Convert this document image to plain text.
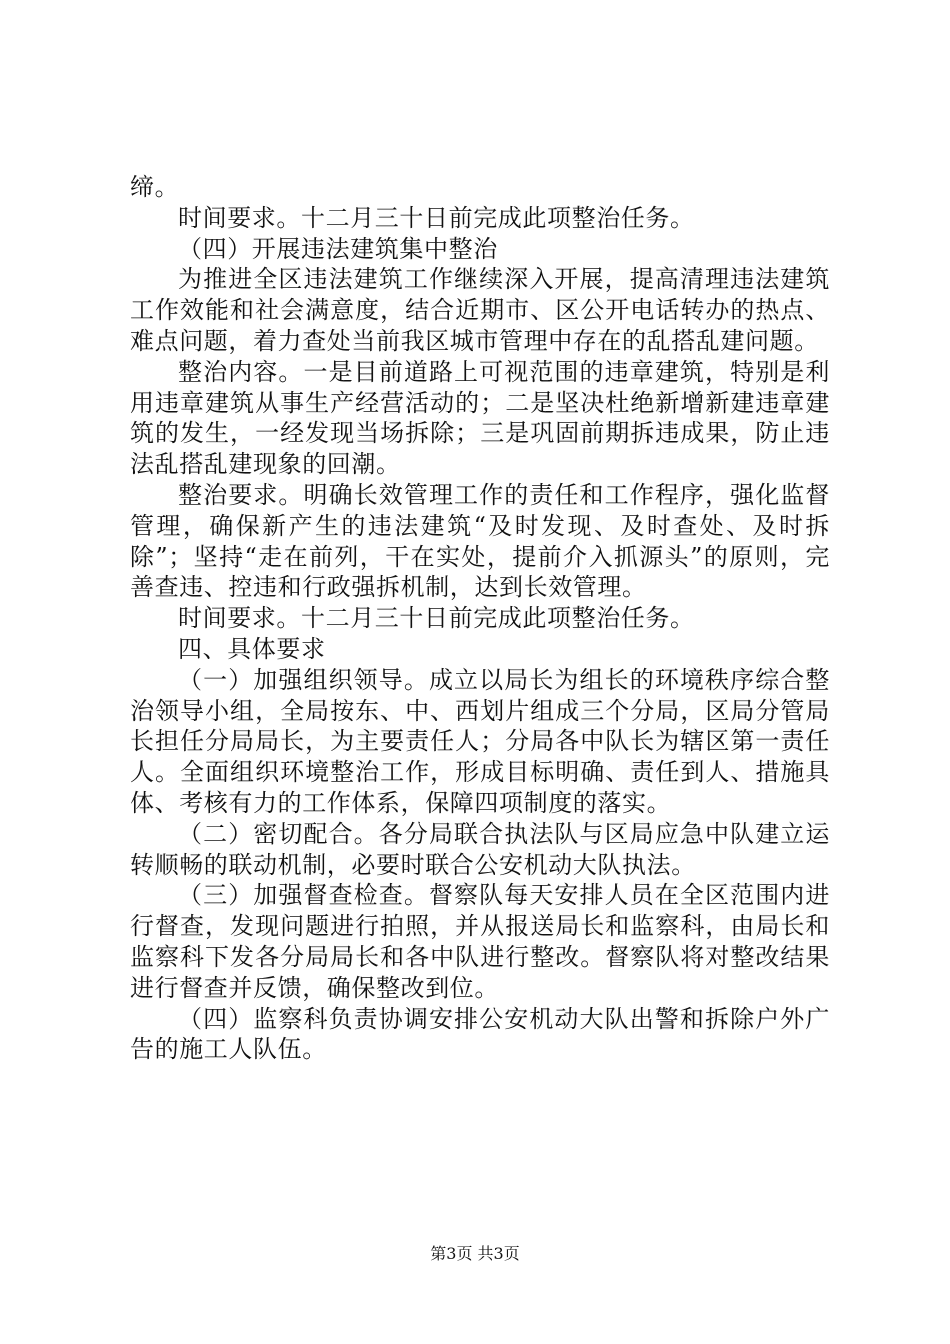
缔。

时间要求。十二月三十日前完成此项整治任务。

（四）开展违法建筑集中整治

为推进全区违法建筑工作继续深入开展，提高清理违法建筑工作效能和社会满意度，结合近期市、区公开电话转办的热点、难点问题，着力查处当前我区城市管理中存在的乱搭乱建问题。

整治内容。一是目前道路上可视范围的违章建筑，特别是利用违章建筑从事生产经营活动的；二是坚决杜绝新增新建违章建筑的发生，一经发现当场拆除；三是巩固前期拆违成果，防止违法乱搭乱建现象的回潮。

整治要求。明确长效管理工作的责任和工作程序，强化监督管理，确保新产生的违法建筑“及时发现、及时查处、及时拆除”；坚持“走在前列，干在实处，提前介入抓源头”的原则，完善查违、控违和行政强拆机制，达到长效管理。

时间要求。十二月三十日前完成此项整治任务。

四、具体要求

（一）加强组织领导。成立以局长为组长的环境秩序综合整治领导小组，全局按东、中、西划片组成三个分局，区局分管局长担任分局局长，为主要责任人；分局各中队长为辖区第一责任人。全面组织环境整治工作，形成目标明确、责任到人、措施具体、考核有力的工作体系，保障四项制度的落实。

（二）密切配合。各分局联合执法队与区局应急中队建立运转顺畅的联动机制，必要时联合公安机动大队执法。

（三）加强督查检查。督察队每天安排人员在全区范围内进行督查，发现问题进行拍照，并从报送局长和监察科，由局长和监察科下发各分局局长和各中队进行整改。督察队将对整改结果进行督查并反馈，确保整改到位。

（四）监察科负责协调安排公安机动大队出警和拆除户外广告的施工人队伍。

第3页 共3页
